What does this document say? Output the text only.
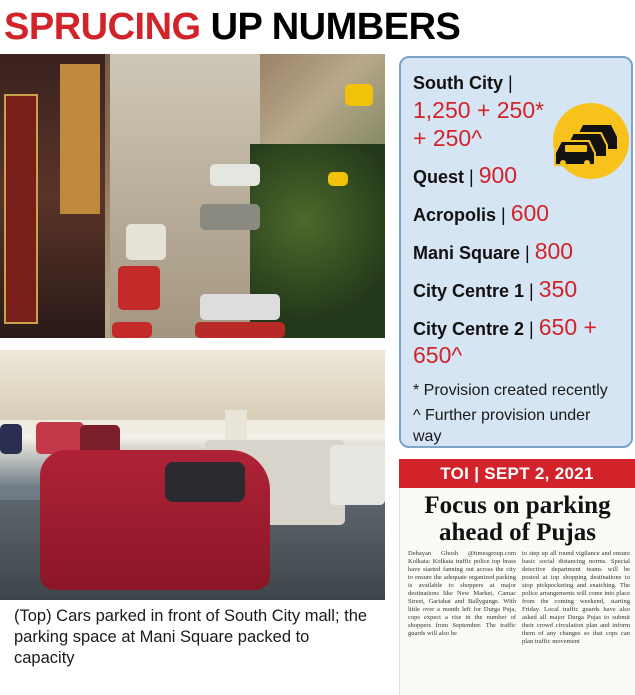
SPRUCING UP NUMBERS
(Top) Cars parked in front of South City mall; the parking space at Mani Square packed to capacity
South City | 1,250 + 250* + 250^
Quest | 900
Acropolis | 600
Mani Square | 800
City Centre 1 | 350
City Centre 2 | 650 + 650^
* Provision created recently
^ Further provision under way
TOI | SEPT 2, 2021
Focus on parking ahead of Pujas
Debayan Ghosh @timesgroup.com Kolkata: Kolkata traffic police top brass have started fanning out across the city to ensure the adequate organized parking is available to shoppers at major destinations like New Market, Camac Street, Gariahat and Ballygunge. With little over a month left for Durga Puja, cops expect a rise in the number of shoppers from September. The traffic guards will also be
to step up all round vigilance and ensure basic social distancing norms. Special detective department teams will be posted at top shopping destinations to stop pickpocketing and snatching. The police arrangements will come into place from the coming weekend, starting Friday. Local traffic guards have also asked all major Durga Pujas to submit their crowd circulation plan and inform them of any changes so that cops can plan traffic movement
